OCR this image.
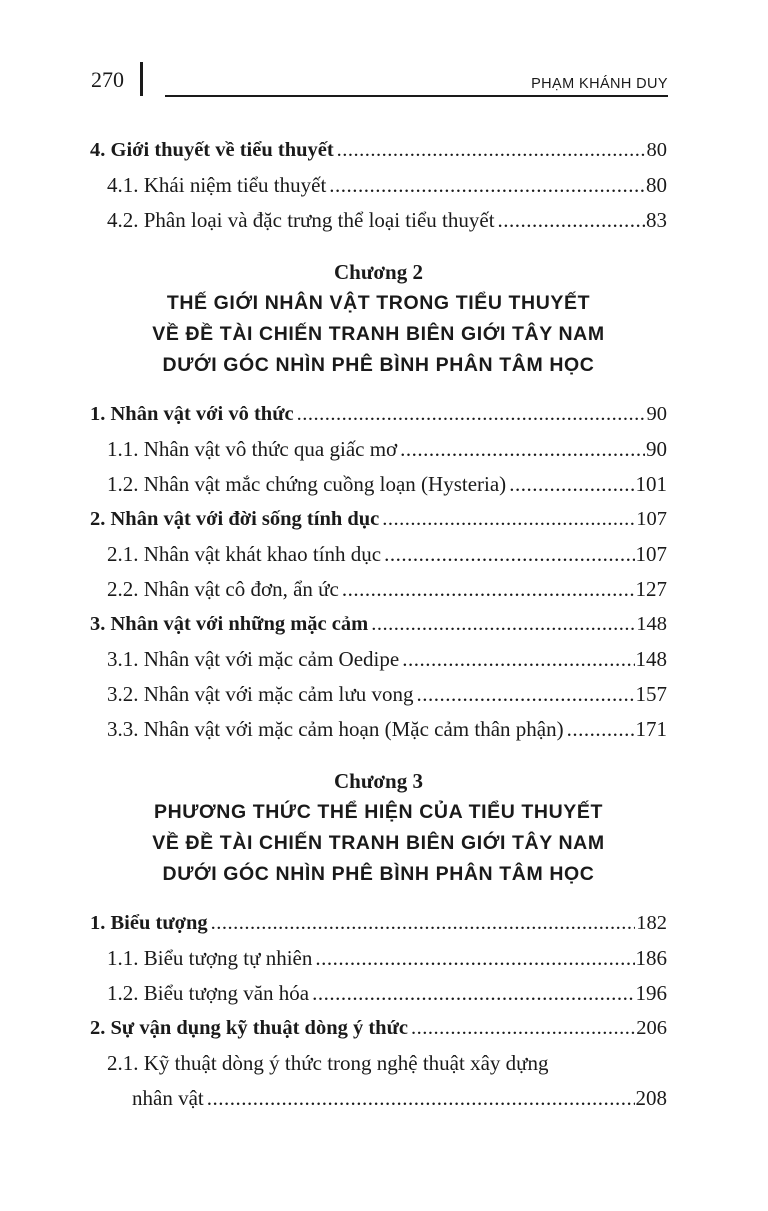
270	PHẠM KHÁNH DUY
4. Giới thuyết về tiểu thuyết .....	80
4.1. Khái niệm tiểu thuyết .....	80
4.2. Phân loại và đặc trưng thể loại tiểu thuyết .....	83
Chương 2
THẾ GIỚI NHÂN VẬT TRONG TIỂU THUYẾT
VỀ ĐỀ TÀI CHIẾN TRANH BIÊN GIỚI TÂY NAM
DƯỚI GÓC NHÌN PHÊ BÌNH PHÂN TÂM HỌC
1. Nhân vật với vô thức .....	90
1.1. Nhân vật vô thức qua giấc mơ .....	90
1.2. Nhân vật mắc chứng cuồng loạn (Hysteria) .....	101
2. Nhân vật với đời sống tính dục .....	107
2.1. Nhân vật khát khao tính dục .....	107
2.2. Nhân vật cô đơn, ẩn ức .....	127
3. Nhân vật với những mặc cảm .....	148
3.1. Nhân vật với mặc cảm Oedipe .....	148
3.2. Nhân vật với mặc cảm lưu vong .....	157
3.3. Nhân vật với mặc cảm hoạn (Mặc cảm thân phận) .....	171
Chương 3
PHƯƠNG THỨC THỂ HIỆN CỦA TIỂU THUYẾT
VỀ ĐỀ TÀI CHIẾN TRANH BIÊN GIỚI TÂY NAM
DƯỚI GÓC NHÌN PHÊ BÌNH PHÂN TÂM HỌC
1. Biểu tượng .....	182
1.1. Biểu tượng tự nhiên .....	186
1.2. Biểu tượng văn hóa .....	196
2. Sự vận dụng kỹ thuật dòng ý thức .....	206
2.1. Kỹ thuật dòng ý thức trong nghệ thuật xây dựng
nhân vật .....	208
